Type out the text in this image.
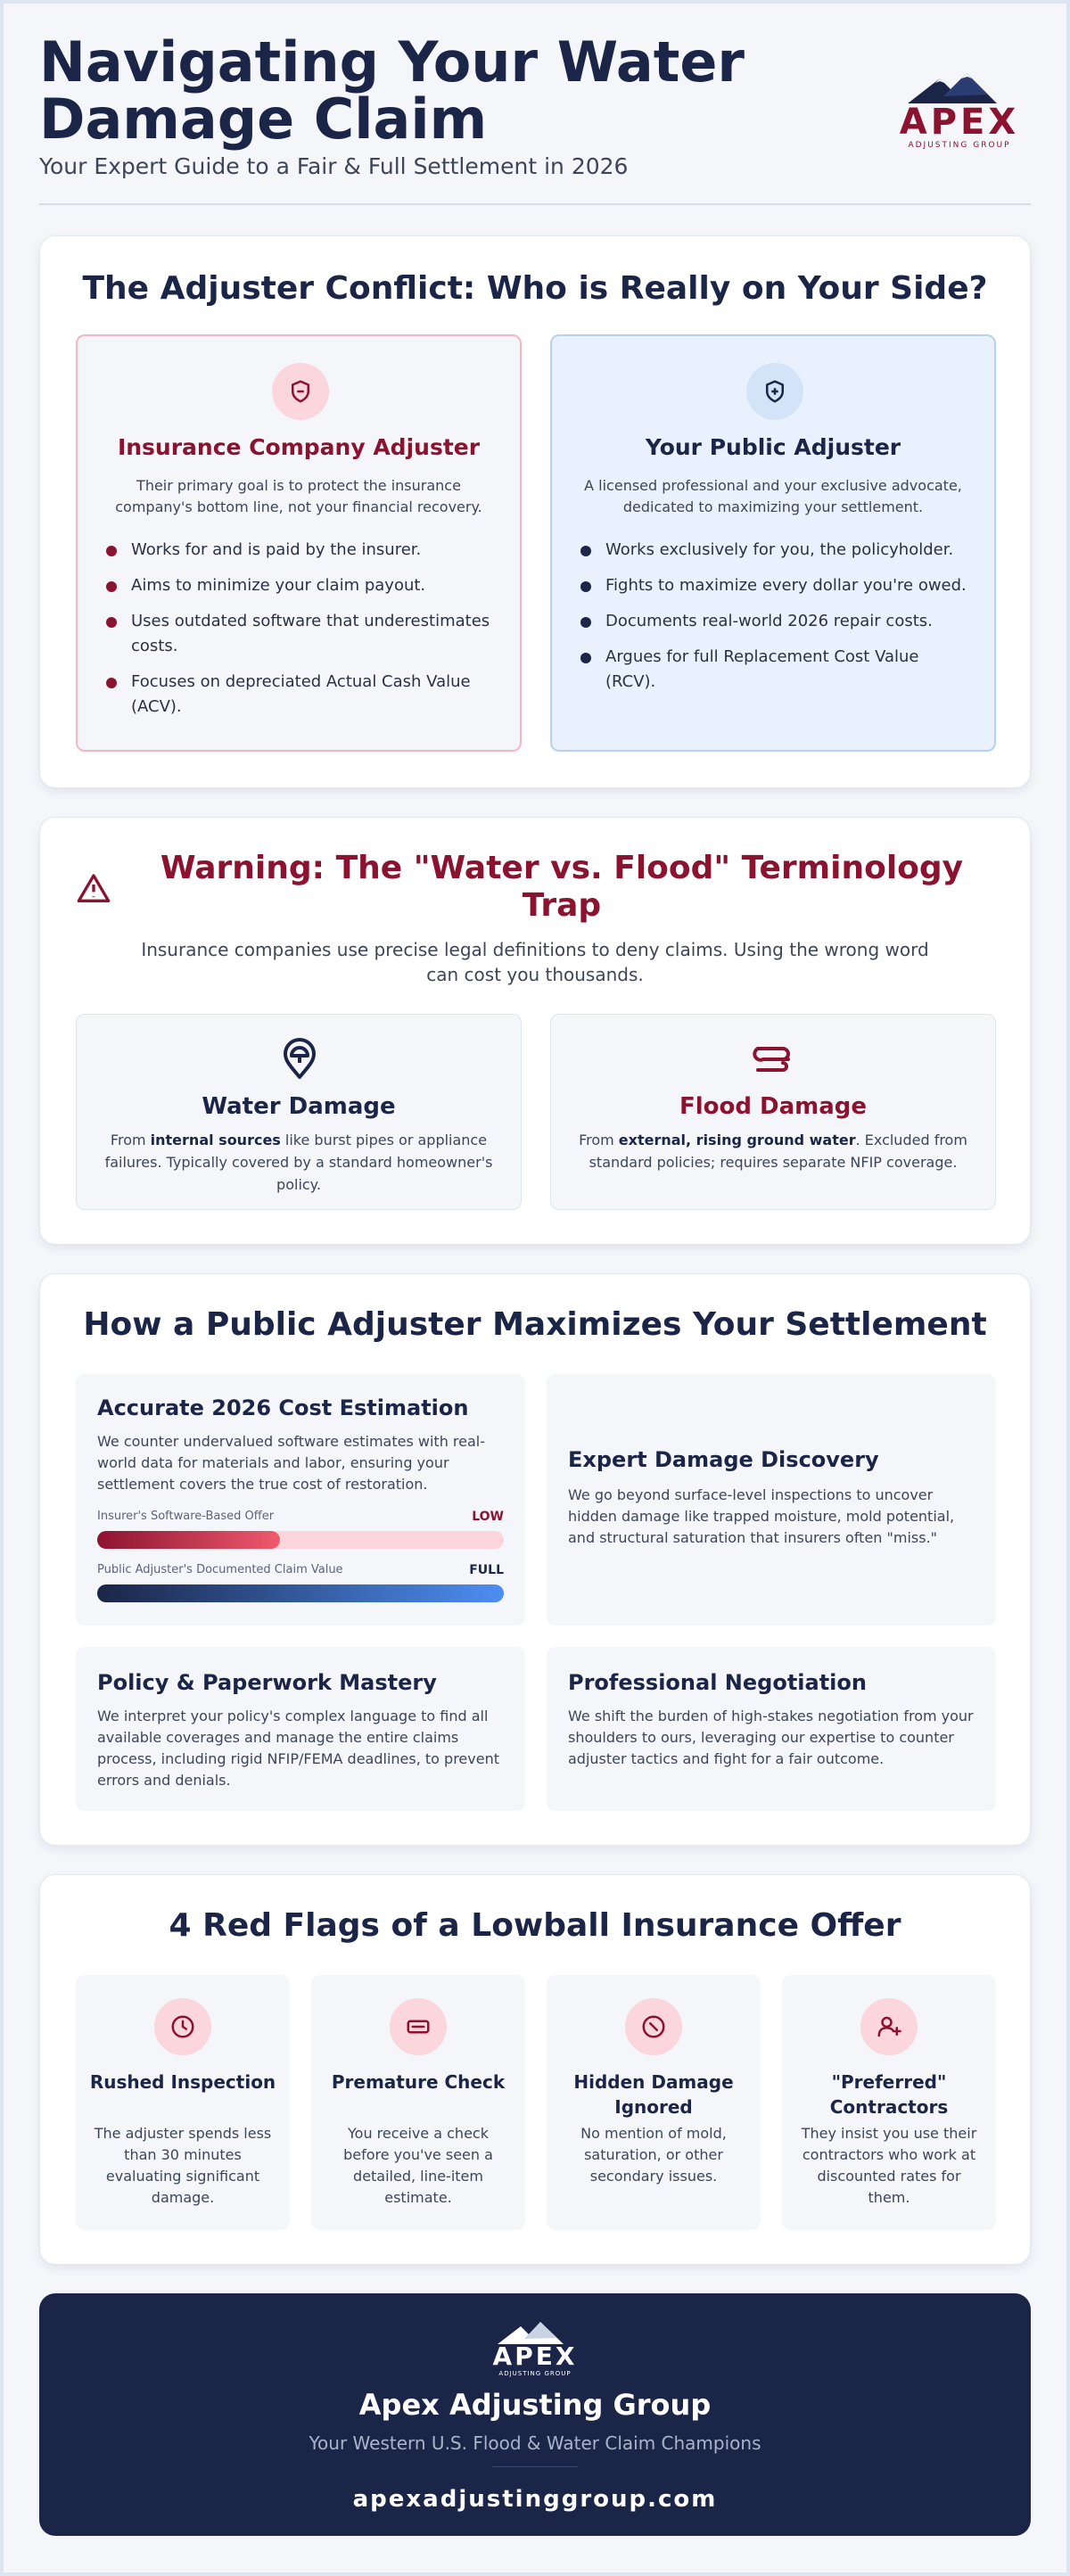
Navigating Your Water Damage Claim
Your Expert Guide to a Fair & Full Settlement in 2026
APEX
ADJUSTING GROUP
The Adjuster Conflict: Who is Really on Your Side?
Insurance Company Adjuster
Their primary goal is to protect the insurance company's bottom line, not your financial recovery.
Works for and is paid by the insurer.
Aims to minimize your claim payout.
Uses outdated software that underestimates costs.
Focuses on depreciated Actual Cash Value (ACV).
Your Public Adjuster
A licensed professional and your exclusive advocate, dedicated to maximizing your settlement.
Works exclusively for you, the policyholder.
Fights to maximize every dollar you're owed.
Documents real-world 2026 repair costs.
Argues for full Replacement Cost Value (RCV).
Warning: The "Water vs. Flood" Terminology Trap
Insurance companies use precise legal definitions to deny claims. Using the wrong word can cost you thousands.
Water Damage

From internal sources like burst pipes or appliance failures. Typically covered by a standard homeowner's policy.

Flood Damage

From external, rising ground water. Excluded from standard policies; requires separate NFIP coverage.

How a Public Adjuster Maximizes Your Settlement
Accurate 2026 Cost Estimation

We counter undervalued software estimates with real-world data for materials and labor, ensuring your settlement covers the true cost of restoration.

Insurer's Software-Based Offer	LOW
Public Adjuster's Documented Claim Value	FULL
Expert Damage Discovery

We go beyond surface-level inspections to uncover hidden damage like trapped moisture, mold potential, and structural saturation that insurers often "miss."

Policy & Paperwork Mastery

We interpret your policy's complex language to find all available coverages and manage the entire claims process, including rigid NFIP/FEMA deadlines, to prevent errors and denials.

Professional Negotiation

We shift the burden of high-stakes negotiation from your shoulders to ours, leveraging our expertise to counter adjuster tactics and fight for a fair outcome.

4 Red Flags of a Lowball Insurance Offer
Rushed Inspection

The adjuster spends less than 30 minutes evaluating significant damage.

Premature Check

You receive a check before you've seen a detailed, line-item estimate.

Hidden Damage Ignored

No mention of mold, saturation, or other secondary issues.

"Preferred" Contractors

They insist you use their contractors who work at discounted rates for them.

APEX
ADJUSTING GROUP
Apex Adjusting Group
Your Western U.S. Flood & Water Claim Champions
apexadjustinggroup.com
